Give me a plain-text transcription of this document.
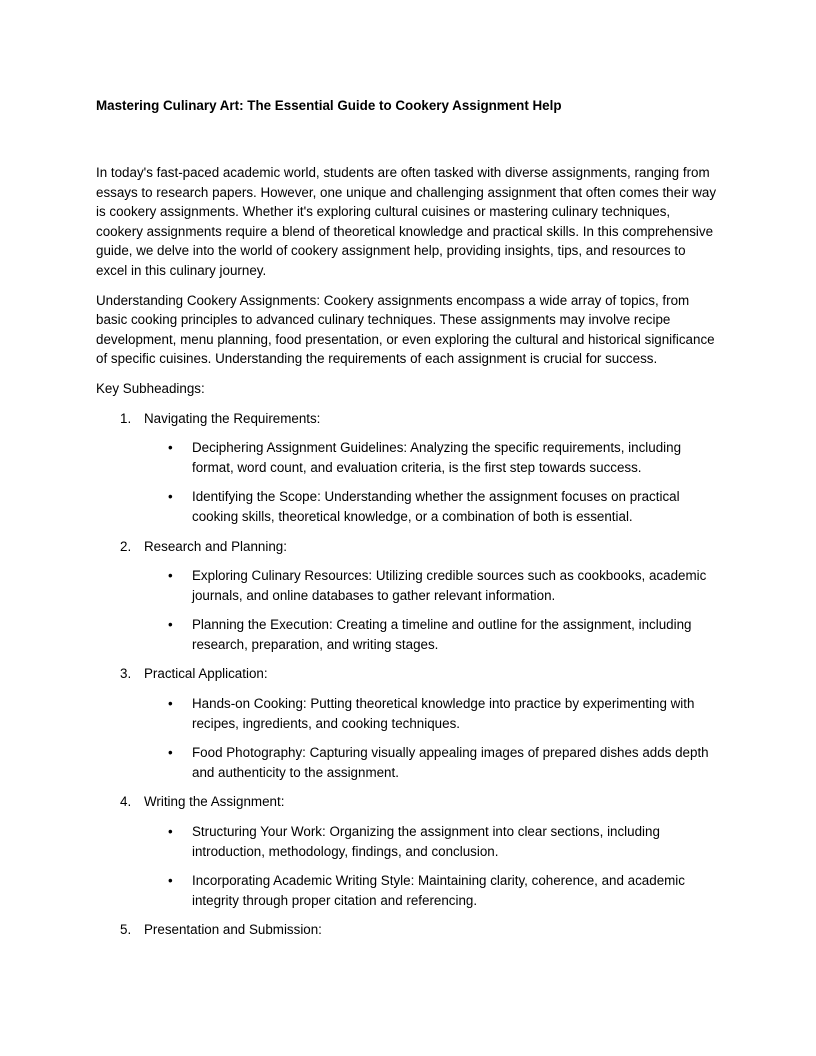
Mastering Culinary Art: The Essential Guide to Cookery Assignment Help

In today's fast-paced academic world, students are often tasked with diverse assignments, ranging from essays to research papers. However, one unique and challenging assignment that often comes their way is cookery assignments. Whether it's exploring cultural cuisines or mastering culinary techniques, cookery assignments require a blend of theoretical knowledge and practical skills. In this comprehensive guide, we delve into the world of cookery assignment help, providing insights, tips, and resources to excel in this culinary journey.

Understanding Cookery Assignments: Cookery assignments encompass a wide array of topics, from basic cooking principles to advanced culinary techniques. These assignments may involve recipe development, menu planning, food presentation, or even exploring the cultural and historical significance of specific cuisines. Understanding the requirements of each assignment is crucial for success.

Key Subheadings:

1. Navigating the Requirements:
•	Deciphering Assignment Guidelines: Analyzing the specific requirements, including format, word count, and evaluation criteria, is the first step towards success.
•	Identifying the Scope: Understanding whether the assignment focuses on practical cooking skills, theoretical knowledge, or a combination of both is essential.
2. Research and Planning:
•	Exploring Culinary Resources: Utilizing credible sources such as cookbooks, academic journals, and online databases to gather relevant information.
•	Planning the Execution: Creating a timeline and outline for the assignment, including research, preparation, and writing stages.
3. Practical Application:
•	Hands-on Cooking: Putting theoretical knowledge into practice by experimenting with recipes, ingredients, and cooking techniques.
•	Food Photography: Capturing visually appealing images of prepared dishes adds depth and authenticity to the assignment.
4. Writing the Assignment:
•	Structuring Your Work: Organizing the assignment into clear sections, including introduction, methodology, findings, and conclusion.
•	Incorporating Academic Writing Style: Maintaining clarity, coherence, and academic integrity through proper citation and referencing.
5. Presentation and Submission:
